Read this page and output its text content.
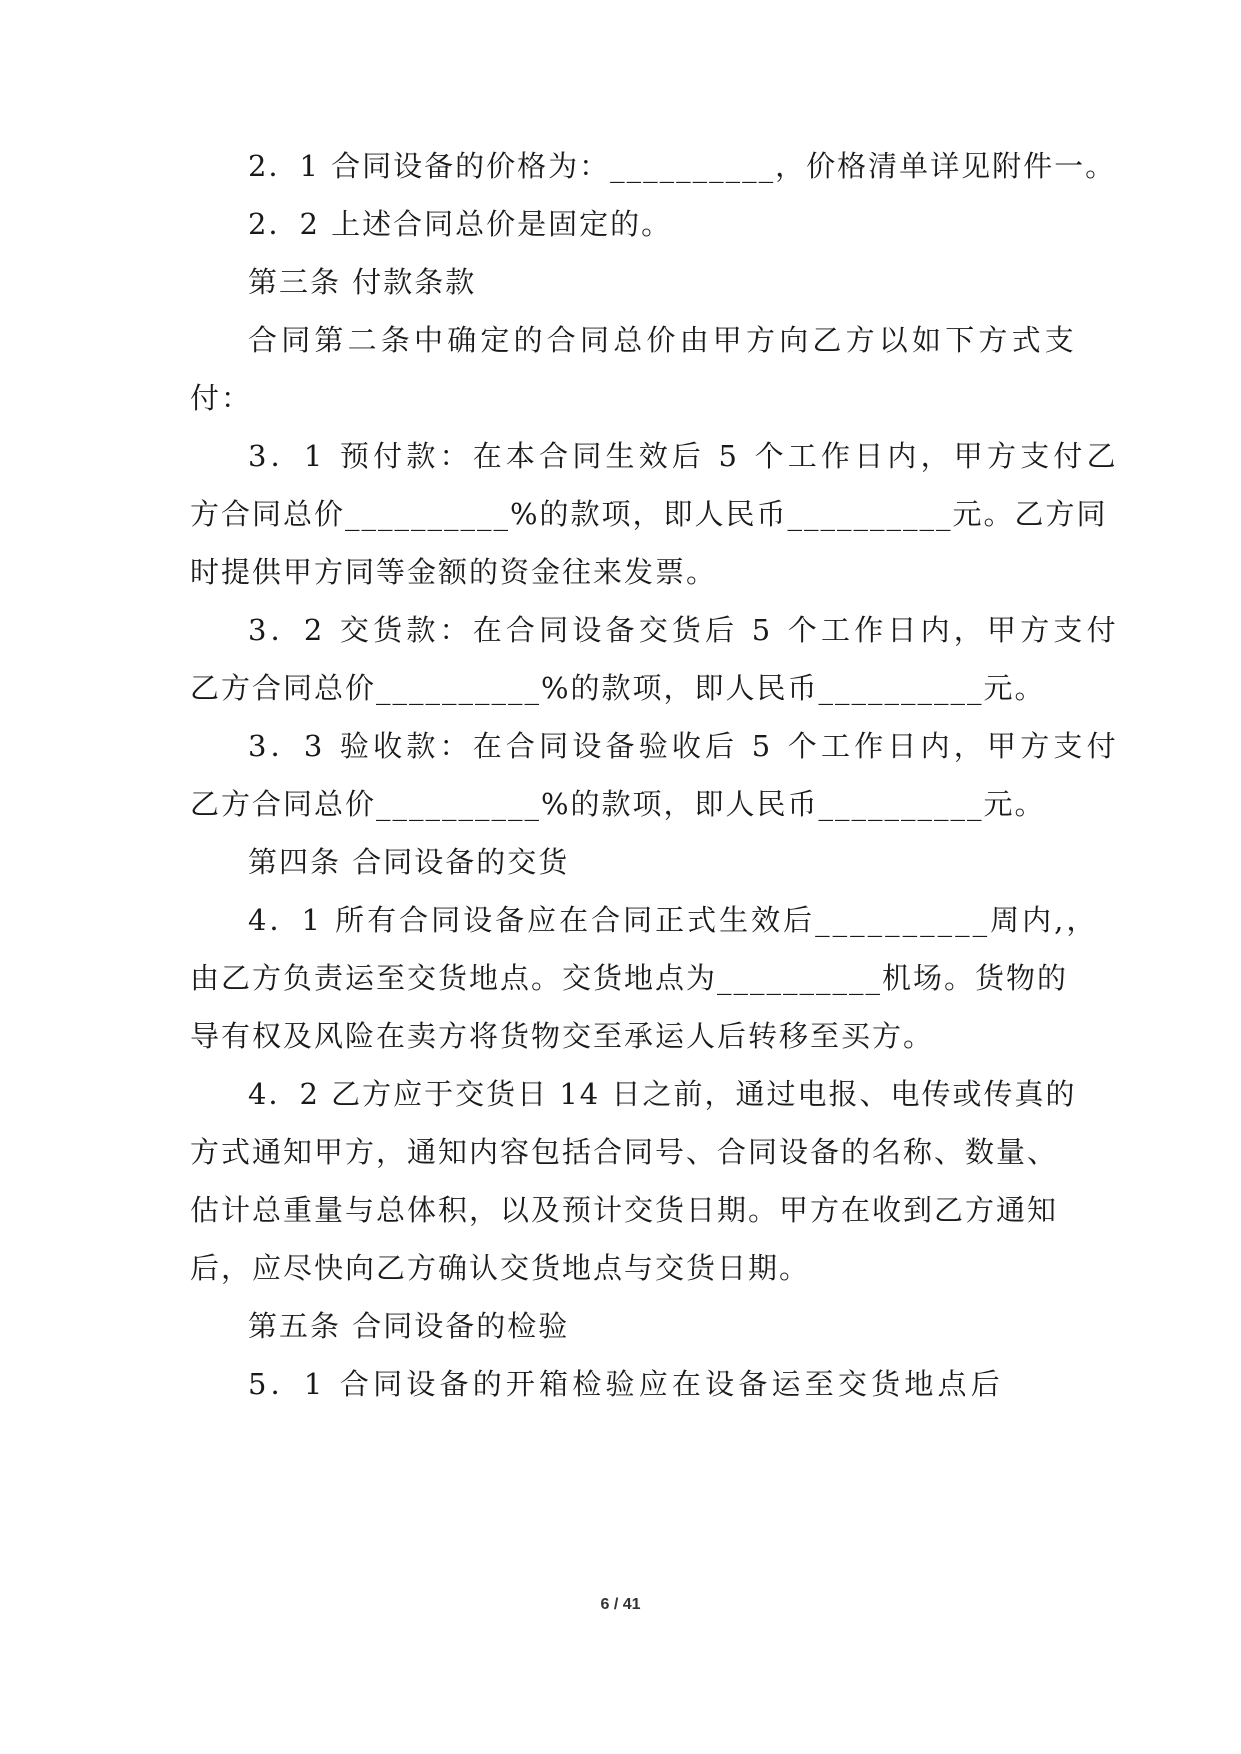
2．1 合同设备的价格为：__________，价格清单详见附件一。
2．2 上述合同总价是固定的。
第三条 付款条款
合同第二条中确定的合同总价由甲方向乙方以如下方式支
付：
3．1 预付款：在本合同生效后 5 个工作日内，甲方支付乙
方合同总价__________%的款项，即人民币__________元。乙方同
时提供甲方同等金额的资金往来发票。
3．2 交货款：在合同设备交货后 5 个工作日内，甲方支付
乙方合同总价__________%的款项，即人民币__________元。
3．3 验收款：在合同设备验收后 5 个工作日内，甲方支付
乙方合同总价__________%的款项，即人民币__________元。
第四条 合同设备的交货
4．1 所有合同设备应在合同正式生效后__________周内,，
由乙方负责运至交货地点。交货地点为__________机场。货物的
导有权及风险在卖方将货物交至承运人后转移至买方。
4．2 乙方应于交货日 14 日之前，通过电报、电传或传真的
方式通知甲方，通知内容包括合同号、合同设备的名称、数量、
估计总重量与总体积，以及预计交货日期。甲方在收到乙方通知
后，应尽快向乙方确认交货地点与交货日期。
第五条 合同设备的检验
5．1 合同设备的开箱检验应在设备运至交货地点后
6 / 41
